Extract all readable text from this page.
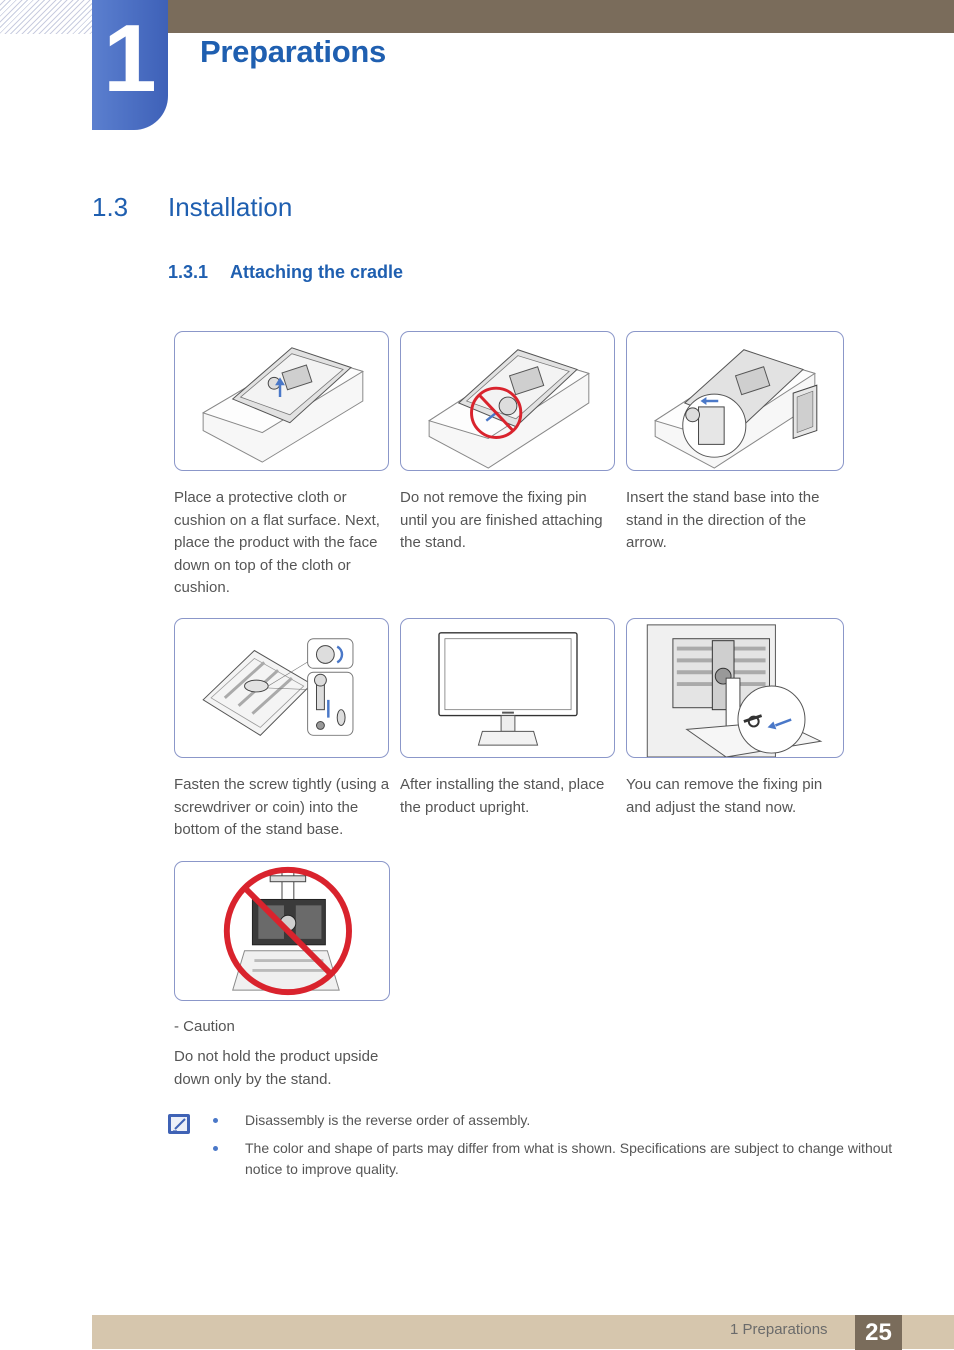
1	Preparations
1.3 Installation
1.3.1 Attaching the cradle
Place a protective cloth or cushion on a flat surface. Next, place the product with the face down on top of the cloth or cushion.
Do not remove the fixing pin until you are finished attaching the stand.
Insert the stand base into the stand in the direction of the arrow.
Fasten the screw tightly (using a screwdriver or coin) into the bottom of the stand base.
After installing the stand, place the product upright.
You can remove the fixing pin and adjust the stand now.
- Caution
Do not hold the product upside down only by the stand.
Disassembly is the reverse order of assembly.
The color and shape of parts may differ from what is shown. Specifications are subject to change without notice to improve quality.
1 Preparations	25
